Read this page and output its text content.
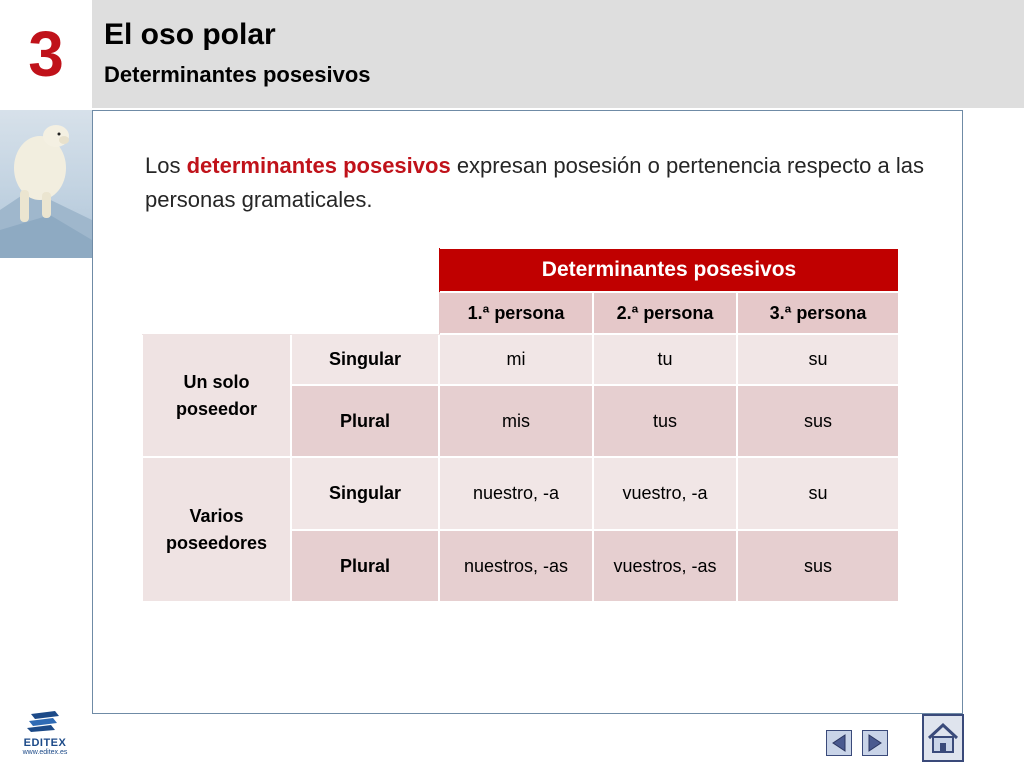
El oso polar
Determinantes posesivos
3
Los determinantes posesivos expresan posesión o pertenencia respecto a las personas gramaticales.
		Determinantes posesivos		
		1.ª persona	2.ª persona	3.ª persona
Un solo poseedor	Singular	mi	tu	su
	Plural	mis	tus	sus
Varios poseedores	Singular	nuestro, -a	vuestro, -a	su
	Plural	nuestros, -as	vuestros, -as	sus
EDITEX
www.editex.es
